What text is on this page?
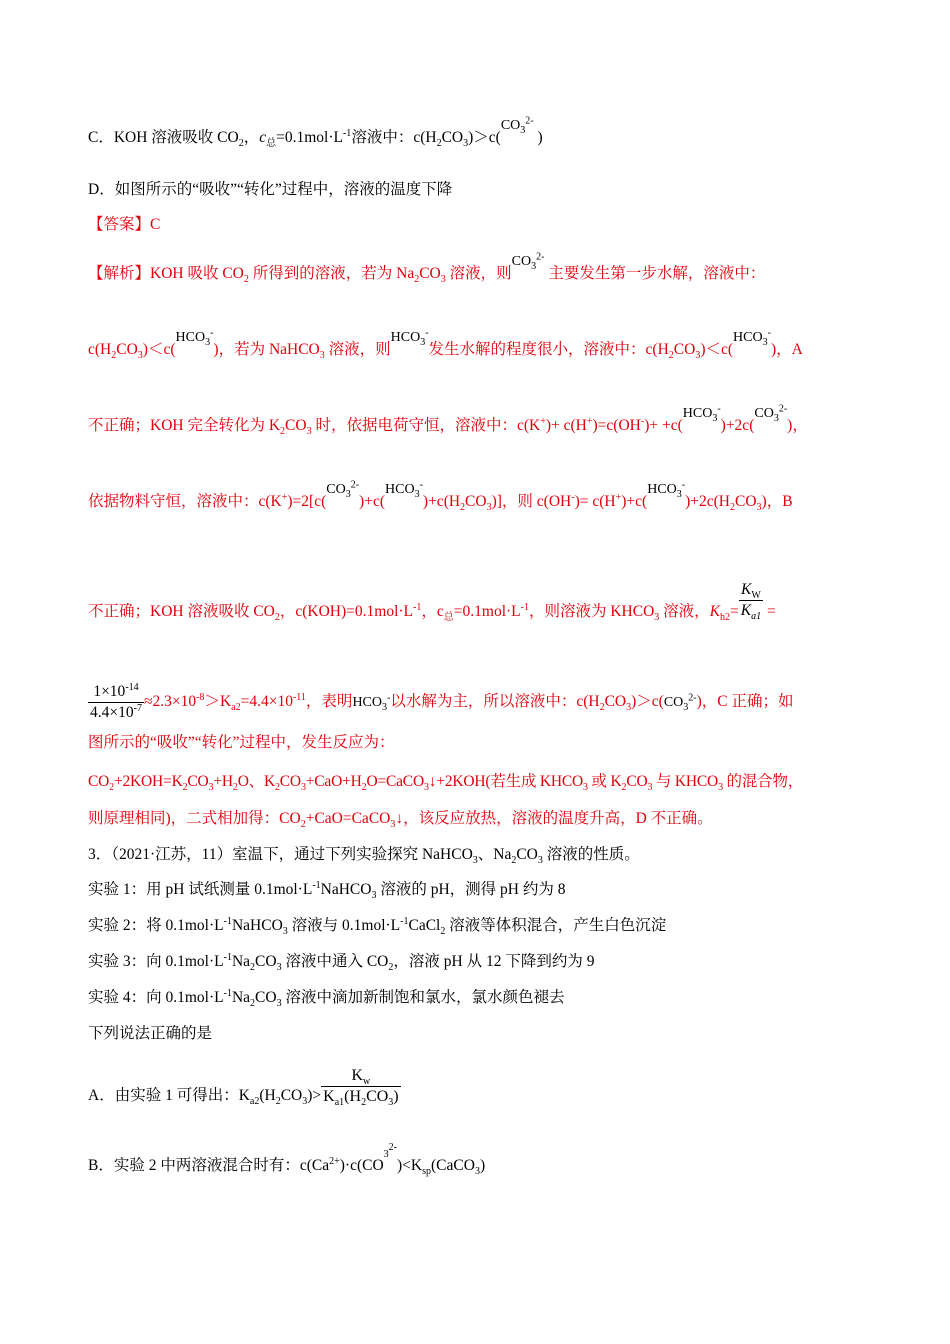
C．KOH 溶液吸收 $CO_2$，$c_总=0.1mol\cdot L^{-1}$溶液中：$c(H_2CO_3)>c(CO_3^{2-}$ )
D．如图所示的“吸收”“转化”过程中，溶液的温度下降
【答案】C
【解析】KOH 吸收 $CO_2$ 所得到的溶液，若为 $Na_2CO_3$ 溶液，则$CO_3^{2-}$ 主要发生第一步水解，溶液中：
$c(H_2CO_3)<c(HCO_3^-)$，若为 NaHCO$_3$ 溶液，则$HCO_3^-$发生水解的程度很小，溶液中：$c(H_2CO_3)<c(HCO_3^-)$，A
不正确；KOH 完全转化为 $K_2CO_3$ 时，依据电荷守恒，溶液中：$c(K^+)+ c(H^+)=c(OH^-)+ +c(HCO_3^-)+2c(CO_3^{2-})$，
依据物料守恒，溶液中：$c(K^+)=2[c(CO_3^{2-})+c(HCO_3^-)+c(H_2CO_3)]$，则 $c(OH^-)= c(H^+)+c(HCO_3^-)+2c(H_2CO_3)$，B
不正确；KOH 溶液吸收 $CO_2$，$c(KOH)=0.1mol\cdot L^{-1}$，$c_总=0.1mol\cdot L^{-1}$，则溶液为 $KHCO_3$ 溶液，$K_{h2}= \frac{K_W}{K_{a1}}$ =
$\frac{1\times 10^{-14}}{4.4\times 10^{-7}} \approx 2.3\times 10^{-8}>K_{a2}=4.4\times 10^{-11}$，表明$HCO_3^-$以水解为主，所以溶液中：$c(H_2CO_3)>c(CO_3^{2-})$，C 正确；如
图所示的“吸收”“转化”过程中，发生反应为：
$CO_2+2KOH=K_2CO_3+H_2O$、$K_2CO_3+CaO+H_2O=CaCO_3↓+2KOH$(若生成 $KHCO_3$ 或 $K_2CO_3$ 与 $KHCO_3$ 的混合物，
则原理相同)，二式相加得：$CO_2+CaO=CaCO_3↓$，该反应放热，溶液的温度升高，D 不正确。
3．（2021·江苏，11）室温下，通过下列实验探究 NaHCO$_3$、$Na_2CO_3$ 溶液的性质。
实验 1：用 pH 试纸测量 $0.1mol\cdot L^{-1}NaHCO_3$ 溶液的 pH，测得 pH 约为 8
实验 2：将 $0.1mol\cdot L^{-1}NaHCO_3$ 溶液与 $0.1mol\cdot L^{-1}CaCl_2$ 溶液等体积混合，产生白色沉淀
实验 3：向 $0.1mol\cdot L^{-1}Na_2CO_3$ 溶液中通入 $CO_2$，溶液 pH 从 12 下降到约为 9
实验 4：向 $0.1mol\cdot L^{-1}Na_2CO_3$ 溶液中滴加新制饱和氯水，氯水颜色褪去
下列说法正确的是
A．由实验 1 可得出：$K_{a2}(H_2CO_3)> \frac{K_w}{K_{a1}(H_2CO_3)}$
B．实验 2 中两溶液混合时有：$c(Ca^{2+})\cdot c(CO^{_3^{2-}})<K_{sp}(CaCO_3)$
